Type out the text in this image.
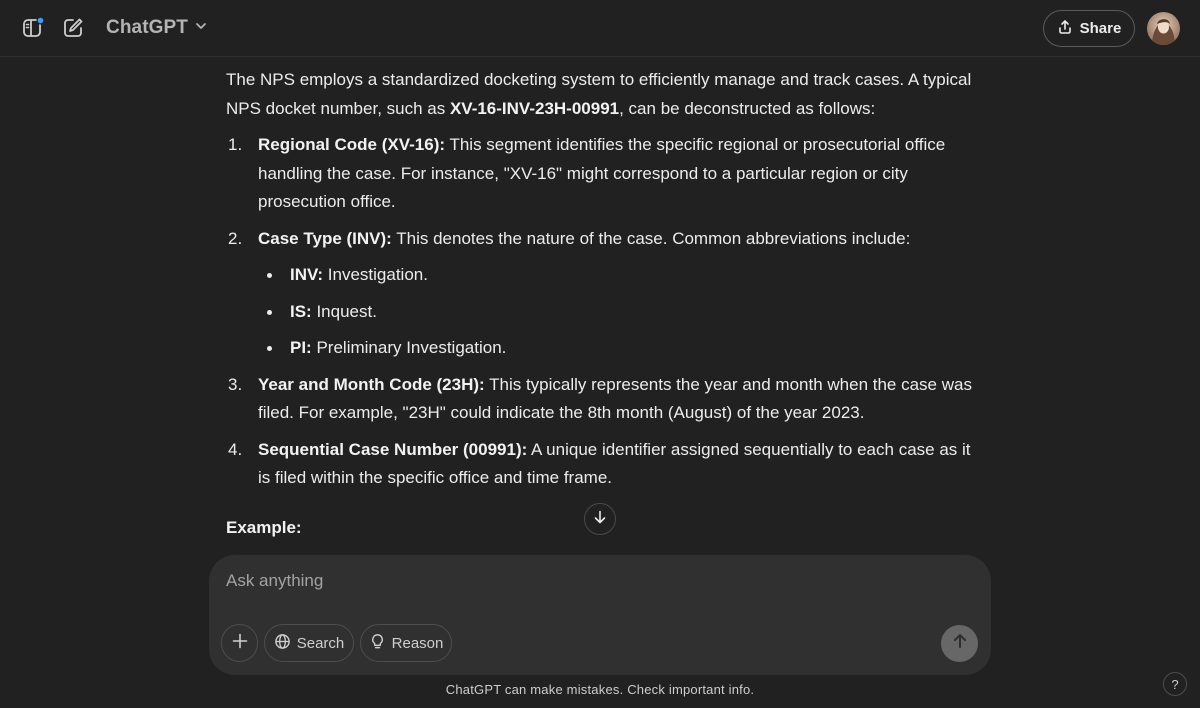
ChatGPT	Share

The NPS employs a standardized docketing system to efficiently manage and track cases. A typical NPS docket number, such as XV-16-INV-23H-00991, can be deconstructed as follows:

1. Regional Code (XV-16): This segment identifies the specific regional or prosecutorial office handling the case. For instance, "XV-16" might correspond to a particular region or city prosecution office.
2. Case Type (INV): This denotes the nature of the case. Common abbreviations include:
INV: Investigation.
IS: Inquest.
PI: Preliminary Investigation.
3. Year and Month Code (23H): This typically represents the year and month when the case was filed. For example, "23H" could indicate the 8th month (August) of the year 2023.
4. Sequential Case Number (00991): A unique identifier assigned sequentially to each case as it is filed within the specific office and time frame.
Example:
Ask anything
Search	Reason
ChatGPT can make mistakes. Check important info.	?
